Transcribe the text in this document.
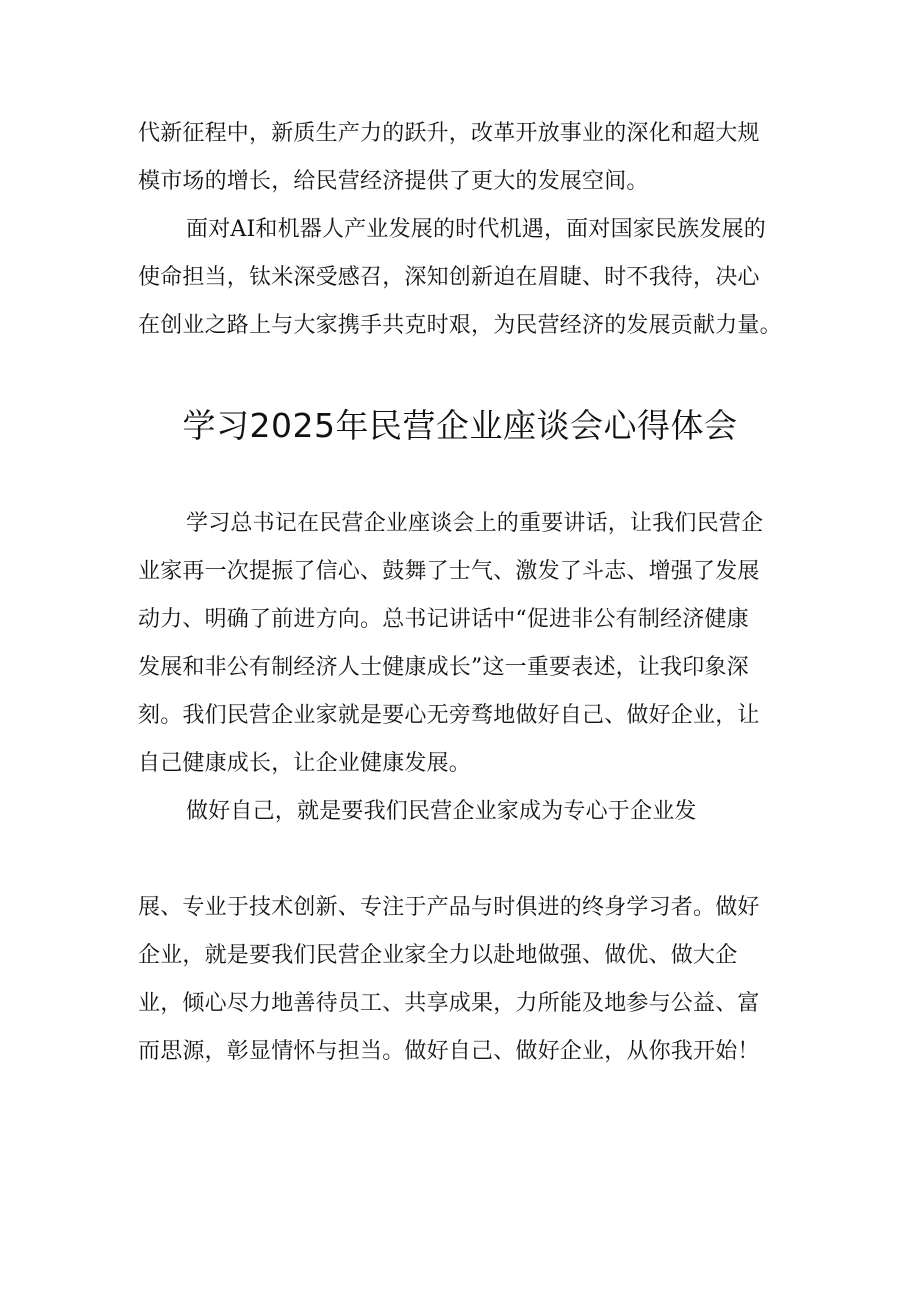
代新征程中，新质生产力的跃升，改革开放事业的深化和超大规
模市场的增长，给民营经济提供了更大的发展空间。
面对AI和机器人产业发展的时代机遇，面对国家民族发展的
使命担当，钛米深受感召，深知创新迫在眉睫、时不我待，决心
在创业之路上与大家携手共克时艰，为民营经济的发展贡献力量。
学习2025年民营企业座谈会心得体会
学习总书记在民营企业座谈会上的重要讲话，让我们民营企
业家再一次提振了信心、鼓舞了士气、激发了斗志、增强了发展
动力、明确了前进方向。总书记讲话中“促进非公有制经济健康
发展和非公有制经济人士健康成长”这一重要表述，让我印象深
刻。我们民营企业家就是要心无旁骛地做好自己、做好企业，让
自己健康成长，让企业健康发展。
做好自己，就是要我们民营企业家成为专心于企业发
展、专业于技术创新、专注于产品与时俱进的终身学习者。做好
企业，就是要我们民营企业家全力以赴地做强、做优、做大企
业，倾心尽力地善待员工、共享成果，力所能及地参与公益、富
而思源，彰显情怀与担当。做好自己、做好企业，从你我开始！
